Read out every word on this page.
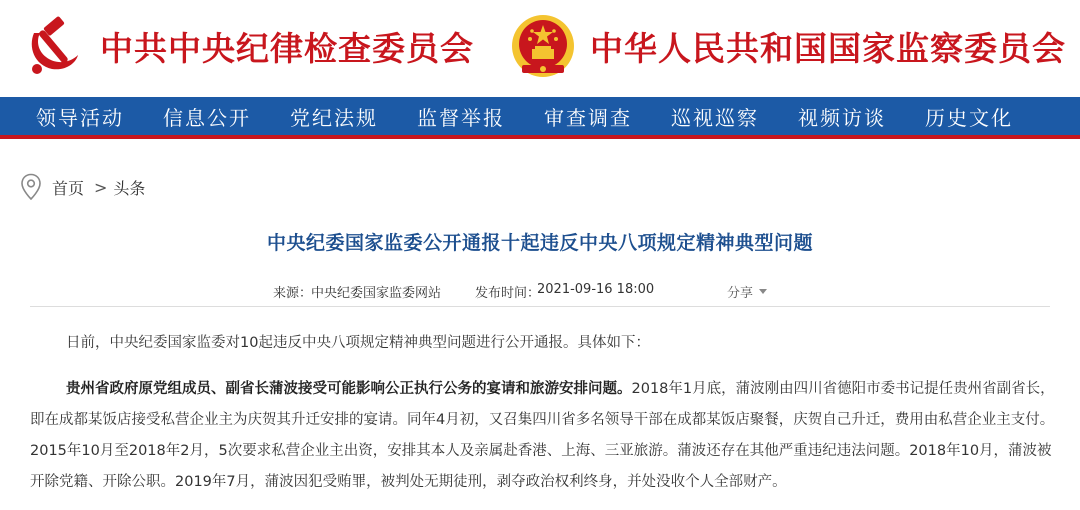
中共中央纪律检查委员会	中华人民共和国国家监察委员会
领导活动	信息公开	党纪法规	监督举报	审查调查	巡视巡察	视频访谈	历史文化
首页 > 头条
中央纪委国家监委公开通报十起违反中央八项规定精神典型问题
来源：
中央纪委国家监委网站	发布时间：
2021-09-16 18:00	分享

日前，中央纪委国家监委对10起违反中央八项规定精神典型问题进行公开通报。具体如下：

贵州省政府原党组成员、副省长蒲波接受可能影响公正执行公务的宴请和旅游安排问题。2018年1月底，蒲波刚由四川省德阳市委书记提任贵州省副省长，即在成都某饭店接受私营企业主为庆贺其升迁安排的宴请。同年4月初，又召集四川省多名领导干部在成都某饭店聚餐，庆贺自己升迁，费用由私营企业主支付。2015年10月至2018年2月，5次要求私营企业主出资，安排其本人及亲属赴香港、上海、三亚旅游。蒲波还存在其他严重违纪违法问题。2018年10月，蒲波被开除党籍、开除公职。2019年7月，蒲波因犯受贿罪，被判处无期徒刑，剥夺政治权利终身，并处没收个人全部财产。
